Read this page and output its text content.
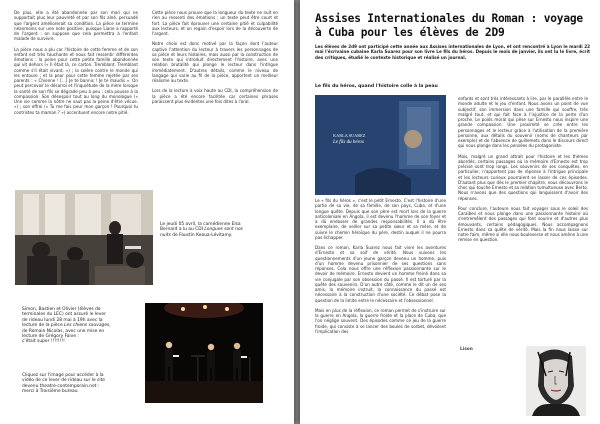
De plus, elle a été abandonnée par son mari qui ne supportait plus leur pauvreté et par son fils aîné, persuadé que l'argent améliorerait sa condition. La pièce se termine néanmoins sur une note positive, puisque Liane a rapporté de l'argent : on suppose que cela permettra à l'enfant malade de survivre.

La pièce nous a plu car l'histoire de cette femme et de son enfant est très touchante et nous fait ressentir différentes émotions : la peine pour cette petite famille abandonnée qui vit dehors (« Il était là, ce carton. Tremblant. Tremblant comme s'il était vivant. ») ; la colère contre le monde qui les entoure ; et la peur pour cette femme rejetée par ses parents : « Chienne ! [...] Je te bannis ! Je te maudis ». On peut percevoir le désarroi et l'inquiétude de la mère lorsque la santé de son fils se dégrade peu à peu ; cela pousse à la compassion. Son désespoir tout au long du monologue (« Une vie comme la nôtre ne vaut pas la peine d'être vécue. ») ; son effroi (« Tu me fais peur mon garçon ! Pourquoi tu contristes ta maman ? ») accentuent encore notre pitié.

Cette pièce nous prouve que la longueur du texte ne nuit en rien au ressenti des émotions : un texte peut être court et fort. La pièce fait éprouver une certaine pitié et culpabilité aux lecteurs, et un regain d'espoir lors de la découverte de l'argent.

Notre choix est donc motivé par la façon dont l'auteur captive l'attention du lecteur à travers les personnages de sa pièce et leurs histoires, mais aussi par la construction de son texte qui introduit directement l'histoire, avec une relation brutalité qui plonge le lecteur dans l'intrigue immédiatement. D'autres détails, comme le niveau de langage qui varie au fil de la pièce, apportent un meilleur réalisme au texte.

Lors de la lecture à voix haute au CDI, la compréhension de la pièce a été encore facilitée car certaines phrases paraissent plus évidentes une fois dites à l'oral.

Le jeudi 05 avril, la comédienne Elsa
Bernard a lu au CDI Longues sont nos
nuits de Faustin Keoua-Lévitamy.
Simon, Bastien et Olivier (élèves de
terminales du LEC) ont assuré le lever
de rideau lundi 28 mai à 19h avec la
lecture de la pièce Les chiens sauvages,
de Romain Nicolas, avec une mise en
lecture de Grégory Faive :
c'était super !!!!!!!!
Cliquez sur l'image pour accéder à la
vidéo de ce lever de rideau sur le site
devenu theatre-contemporain.net :
merci à Troisième bureau
Assises Internationales du Roman : voyage à Cuba pour les élèves de 2D9
Les élèves de 2d9 ont participé cette année aux Assises internationales de Lyon, et ont rencontré à Lyon le mardi 22 mai l'écrivaine cubaine Karla Suarez pour son livre Le fils du héros. Depuis le mois de janvier, ils ont lu le livre, écrit des critiques, étudié le contexte historique et réalisé un journal.
Le fils du héros, quand l'histoire colle à la peau
KARLA SUAREZ
Le fils du héros

Le « fils du héros », c'est le petit Ernesto. C'est l'histoire d'une partie de sa vie, de sa famille, de son pays, Cuba, et d'une longue quête. Depuis que son père est mort lors de la guerre anticoloniale en Angola, il est devenu l'homme de son foyer et a dû endosser de grandes responsabilités. Il a dû être exemplaire, de veiller sur sa petite sœur et sa mère, et de suivre le chemin héroïque du père, destin auquel il ne pourra pas échapper.

Dans ce roman, Karla Suarez nous fait vivre les aventures d'Ernesto et sa soif de vérité. Nous suivons les questionnements d'un jeune garçon devenu un homme, puis d'un homme devenu prisonnier de ses questions sans réponses. Cela nous offre une réflexion passionnante sur le devoir de mémoire. Ernesto devient un homme freiné dans sa vie conjugale par son obsession du passé. Il est torturé par la quête des souvenirs. D'un autre côté, comme le dit un de ses amis, la mémoire instruit, la connaissance du passé est nécessaire à la construction d'une société. Ce débat pose la question de la limite entre le nécessaire et l'obsessionnel.

Mais en plus de la réflexion, ce roman permet de s'instruire sur la guerre en Angola, la guerre froide et la place de Cuba, que l'on néglige souvent. Des épisodes comme ce jeu de la guerre froide, qui consiste à se lancer des boules de sorbet, dévoilent l'implication des

enfants et sont très intéressants à lire, par le parallèle entre le monde adulte et le jeu d'enfant. Nous avons un point de vue subjectif, son immersion dans une famille qui souffre, très malgré tout, et qui fait face à l'injustice de la perte d'un proche. Le poids moral qui pèse sur Ernesto nous inspire une grande compassion. Une proximité se crée entre les personnages et le lecteur grâce à l'utilisation de la première personne, aux détails du souvenir (noms de chanteurs par exemple) et de l'absence de guillemets dans le discours direct qui nous plonge dans les pensées du protagoniste.

Mais, malgré un grand attrait pour l'histoire et les thèmes abordés, certains passages où la mémoire d'Ernesto est trop précise sont trop longs. Les souvenirs de ses conquêtes, en particulier, n'apportent pas de réponse à l'intrigue principale et les lecteurs curieux pourraient se lasser de ces épisodes. D'autant plus que dès le premier chapitre, nous découvrons le choc qui touche Ernesto et sa relation tumultueuse avec Berto. Nous n'avons que des questions qui languissent d'avoir des réponses.

Pour conclure, l'auteure nous fait voyager sous le soleil des Caraïbes et nous plonge dans une passionnante histoire où s'entremêlent des passages qui font sourire et d'autres plus émouvants, certains pédagogiques. Nous accompagnons Ernesto dans sa quête de vérité. Mais la fin nous laisse sur notre faim, même si elle nous bouleverse et nous amène à une remise en question.

Lison
